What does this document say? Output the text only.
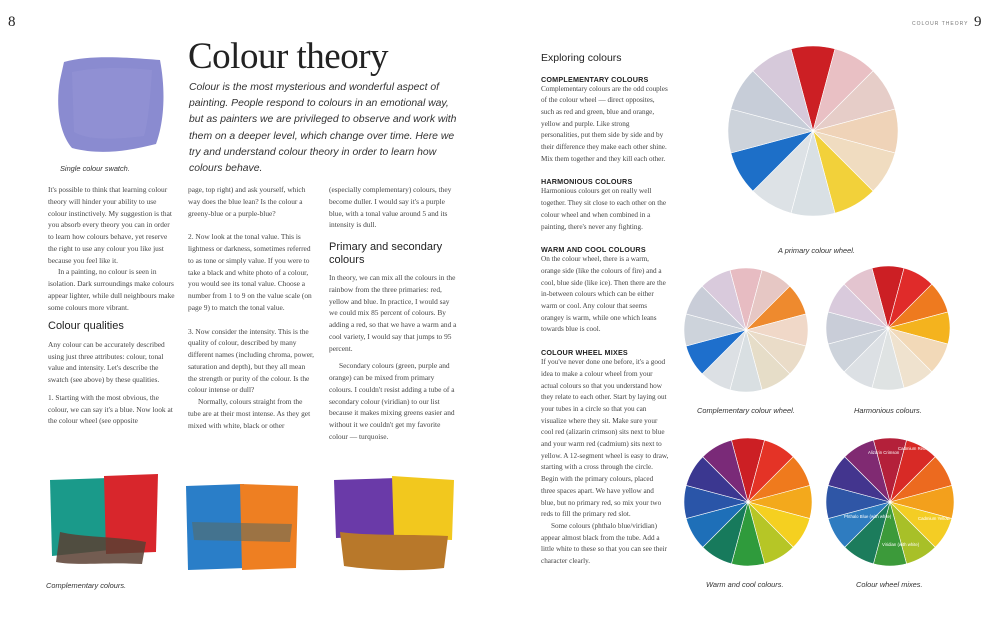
8	9
COLOUR THEORY
Single colour swatch.
Colour theory
Colour is the most mysterious and wonderful aspect of painting. People respond to colours in an emotional way, but as painters we are privileged to observe and work with them on a deeper level, which change over time. Here we try and understand colour theory in order to learn how colours behave.

It's possible to think that learning colour theory will hinder your ability to use colour instinctively. My suggestion is that you absorb every theory you can in order to learn how colours behave, yet reserve the right to use any colour you like just because you feel like it.

In a painting, no colour is seen in isolation. Dark surroundings make colours appear lighter, while dull neighbours make some colours more vibrant.

Colour qualities

Any colour can be accurately described using just three attributes: colour, tonal value and intensity. Let's describe the swatch (see above) by these qualities.

1. Starting with the most obvious, the colour, we can say it's a blue. Now look at the colour wheel (see opposite

page, top right) and ask yourself, which way does the blue lean? Is the colour a greeny-blue or a purple-blue?

2. Now look at the tonal value. This is lightness or darkness, sometimes referred to as tone or simply value. If you were to take a black and white photo of a colour, you would see its tonal value. Choose a number from 1 to 9 on the value scale (on page 9) to match the tonal value.

3. Now consider the intensity. This is the quality of colour, described by many different names (including chroma, power, saturation and depth), but they all mean the strength or purity of the colour. Is the colour intense or dull?

Normally, colours straight from the tube are at their most intense. As they get mixed with white, black or other

(especially complementary) colours, they become duller. I would say it's a purple blue, with a tonal value around 5 and its intensity is dull.

Primary and secondary colours

In theory, we can mix all the colours in the rainbow from the three primaries: red, yellow and blue. In practice, I would say we could mix 85 percent of colours. By adding a red, so that we have a warm and a cool variety, I would say that jumps to 95 percent.

Secondary colours (green, purple and orange) can be mixed from primary colours. I couldn't resist adding a tube of a secondary colour (viridian) to our list because it makes mixing greens easier and without it we couldn't get my favorite colour — turquoise.

Complementary colours.
Exploring colours
COMPLEMENTARY COLOURS
Complementary colours are the odd couples of the colour wheel — direct opposites, such as red and green, blue and orange, yellow and purple. Like strong personalities, put them side by side and by their difference they make each other shine. Mix them together and they kill each other.
HARMONIOUS COLOURS
Harmonious colours get on really well together. They sit close to each other on the colour wheel and when combined in a painting, there's never any fighting.
WARM AND COOL COLOURS
On the colour wheel, there is a warm, orange side (like the colours of fire) and a cool, blue side (like ice). Then there are the in-between colours which can be either warm or cool. Any colour that seems orangey is warm, while one which leans towards blue is cool.
COLOUR WHEEL MIXES
If you've never done one before, it's a good idea to make a colour wheel from your actual colours so that you understand how they relate to each other. Start by laying out your tubes in a circle so that you can visualize where they sit. Make sure your cool red (alizarin crimson) sits next to blue and your warm red (cadmium) sits next to yellow. A 12-segment wheel is easy to draw, starting with a cross through the circle. Begin with the primary colours, placed three spaces apart. We have yellow and blue, but no primary red, so mix your two reds to fill the primary red slot.
Some colours (phthalo blue/viridian) appear almost black from the tube. Add a little white to these so that you can see their character clearly.
A primary colour wheel.
Complementary colour wheel.	Harmonious colours.
Warm and cool colours.
Alizarin Crimson
Cadmium Red
Cadmium Yellow
Viridian (with white)
Phthalo Blue (with white)
Colour wheel mixes.
